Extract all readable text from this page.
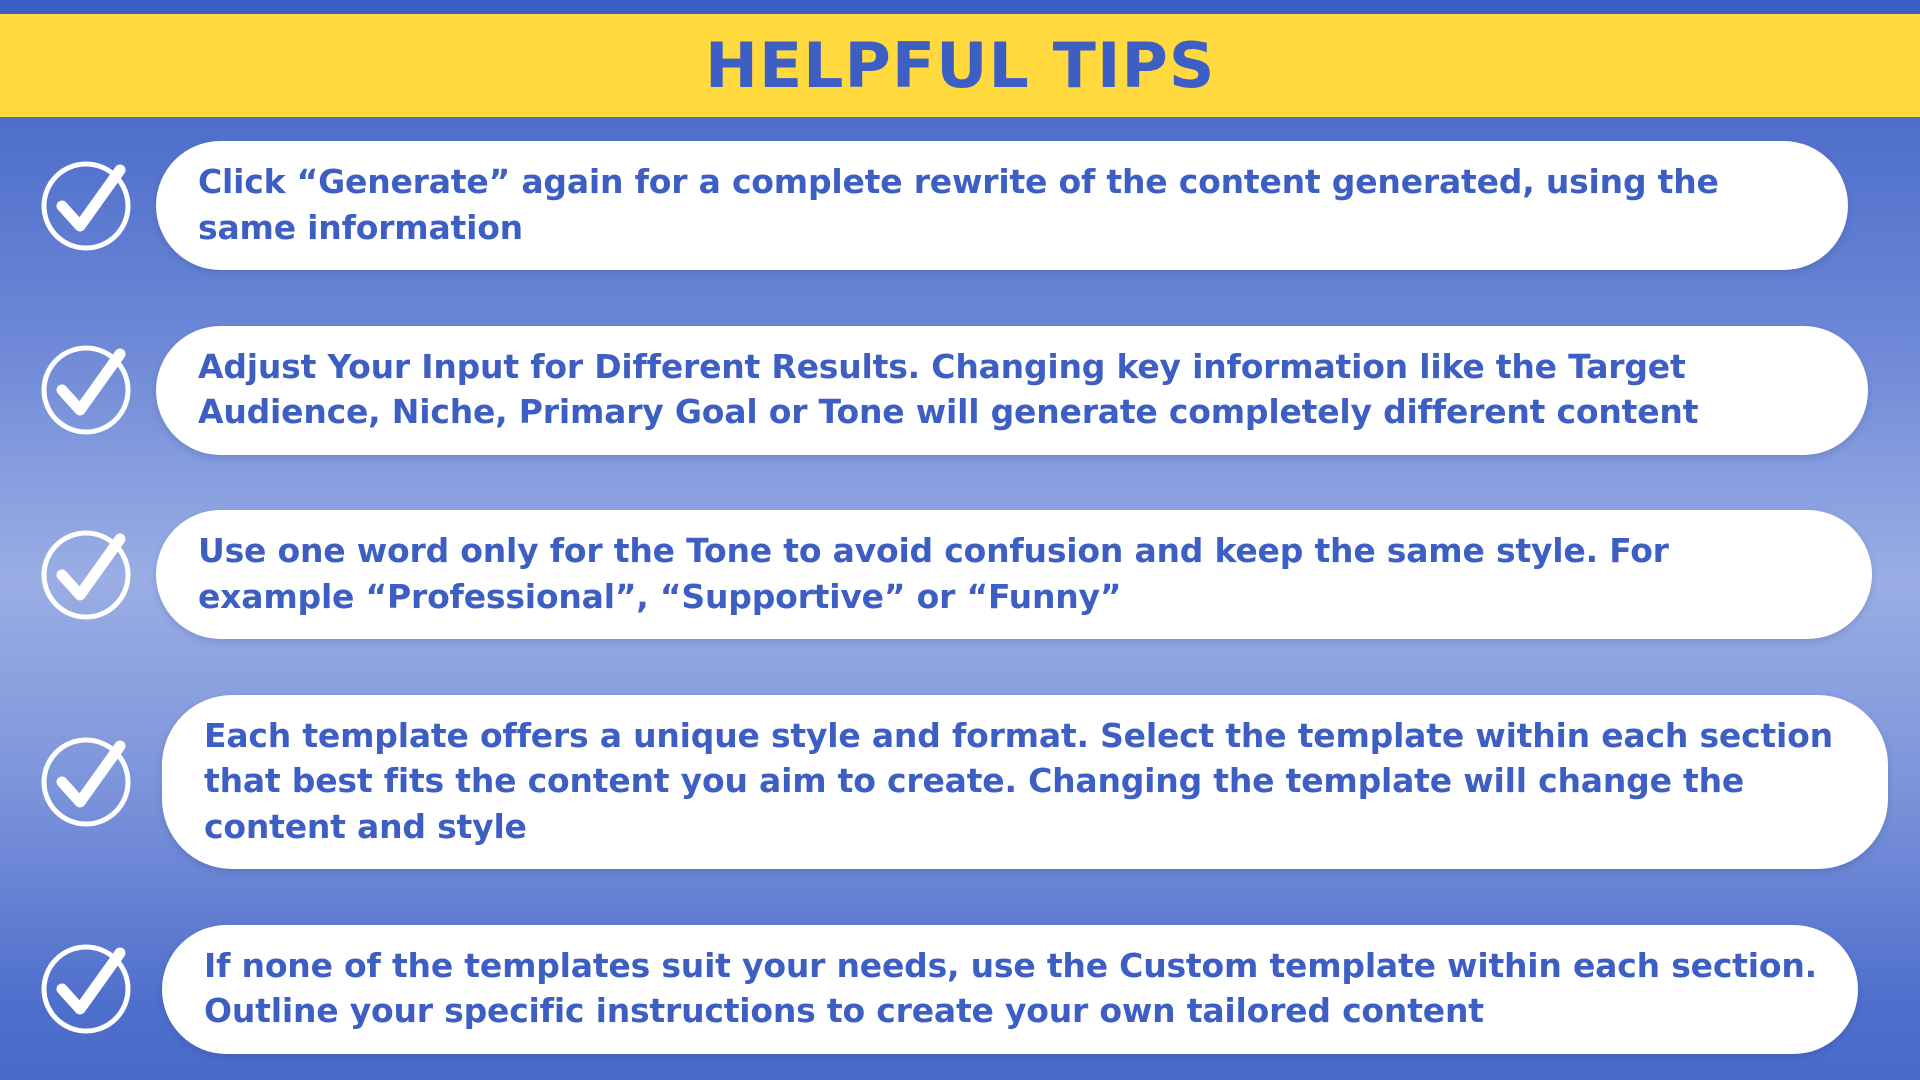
HELPFUL TIPS
Click “Generate” again for a complete rewrite of the content generated, using the same information
Adjust Your Input for Different Results. Changing key information like the Target Audience, Niche, Primary Goal or Tone will generate completely different content
Use one word only for the Tone to avoid confusion and keep the same style. For example “Professional”, “Supportive” or “Funny”
Each template offers a unique style and format. Select the template within each section that best fits the content you aim to create. Changing the template will change the content and style
If none of the templates suit your needs, use the Custom template within each section. Outline your specific instructions to create your own tailored content
